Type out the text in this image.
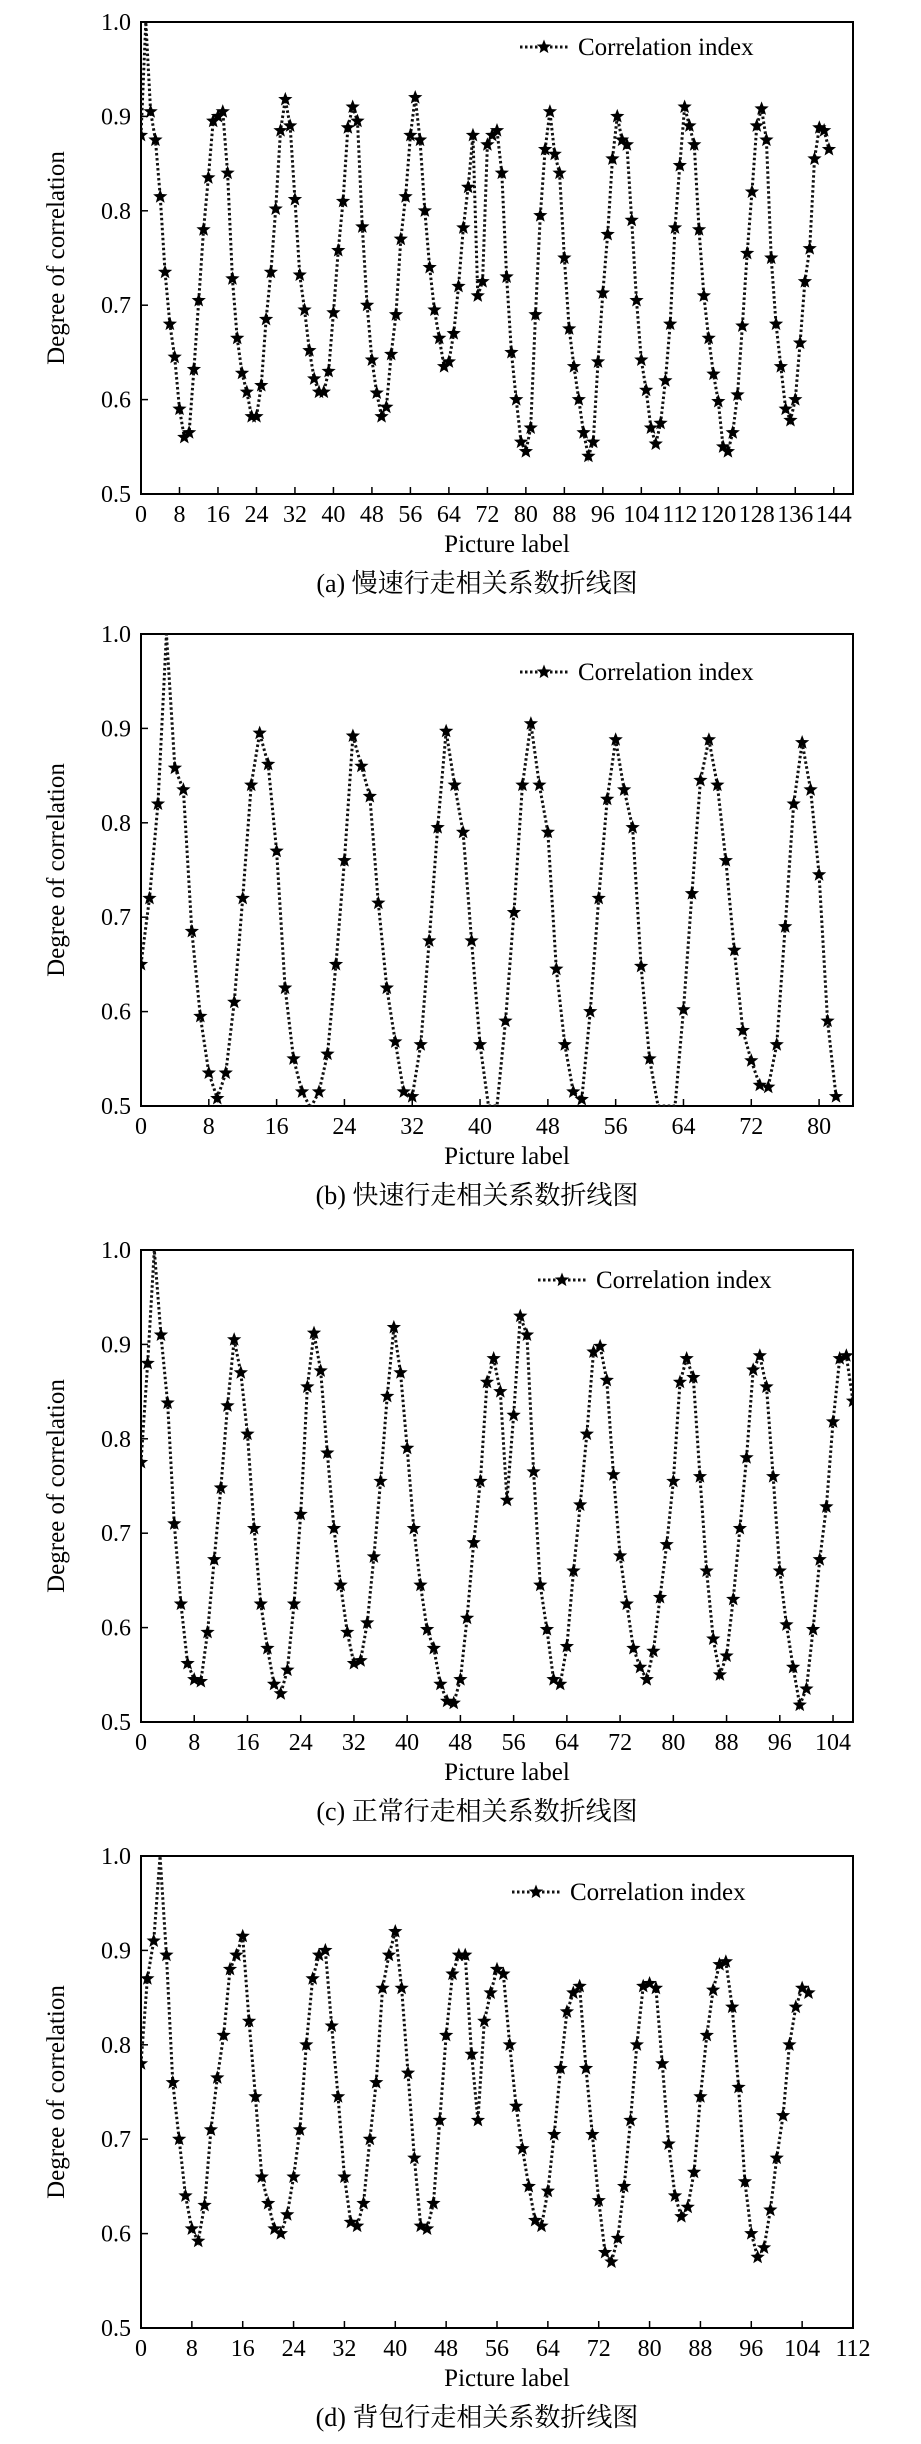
0.5
0.6
0.7
0.8
0.9
1.0
0 8 16 24 32 40 48 56 64 72 80 88 96 104 112 120 128 136 144
Picture label
Degree of correlation
Correlation index
(a) 慢速行走相关系数折线图
0.5
0.6
0.7
0.8
0.9
1.0
0 8 16 24 32 40 48 56 64 72 80
Picture label
Degree of correlation
Correlation index
(b) 快速行走相关系数折线图
0.5
0.6
0.7
0.8
0.9
1.0
0 8 16 24 32 40 48 56 64 72 80 88 96 104
Picture label
Degree of correlation
Correlation index
(c) 正常行走相关系数折线图
0.5
0.6
0.7
0.8
0.9
1.0
0 8 16 24 32 40 48 56 64 72 80 88 96 104 112
Picture label
Degree of correlation
Correlation index
(d) 背包行走相关系数折线图
